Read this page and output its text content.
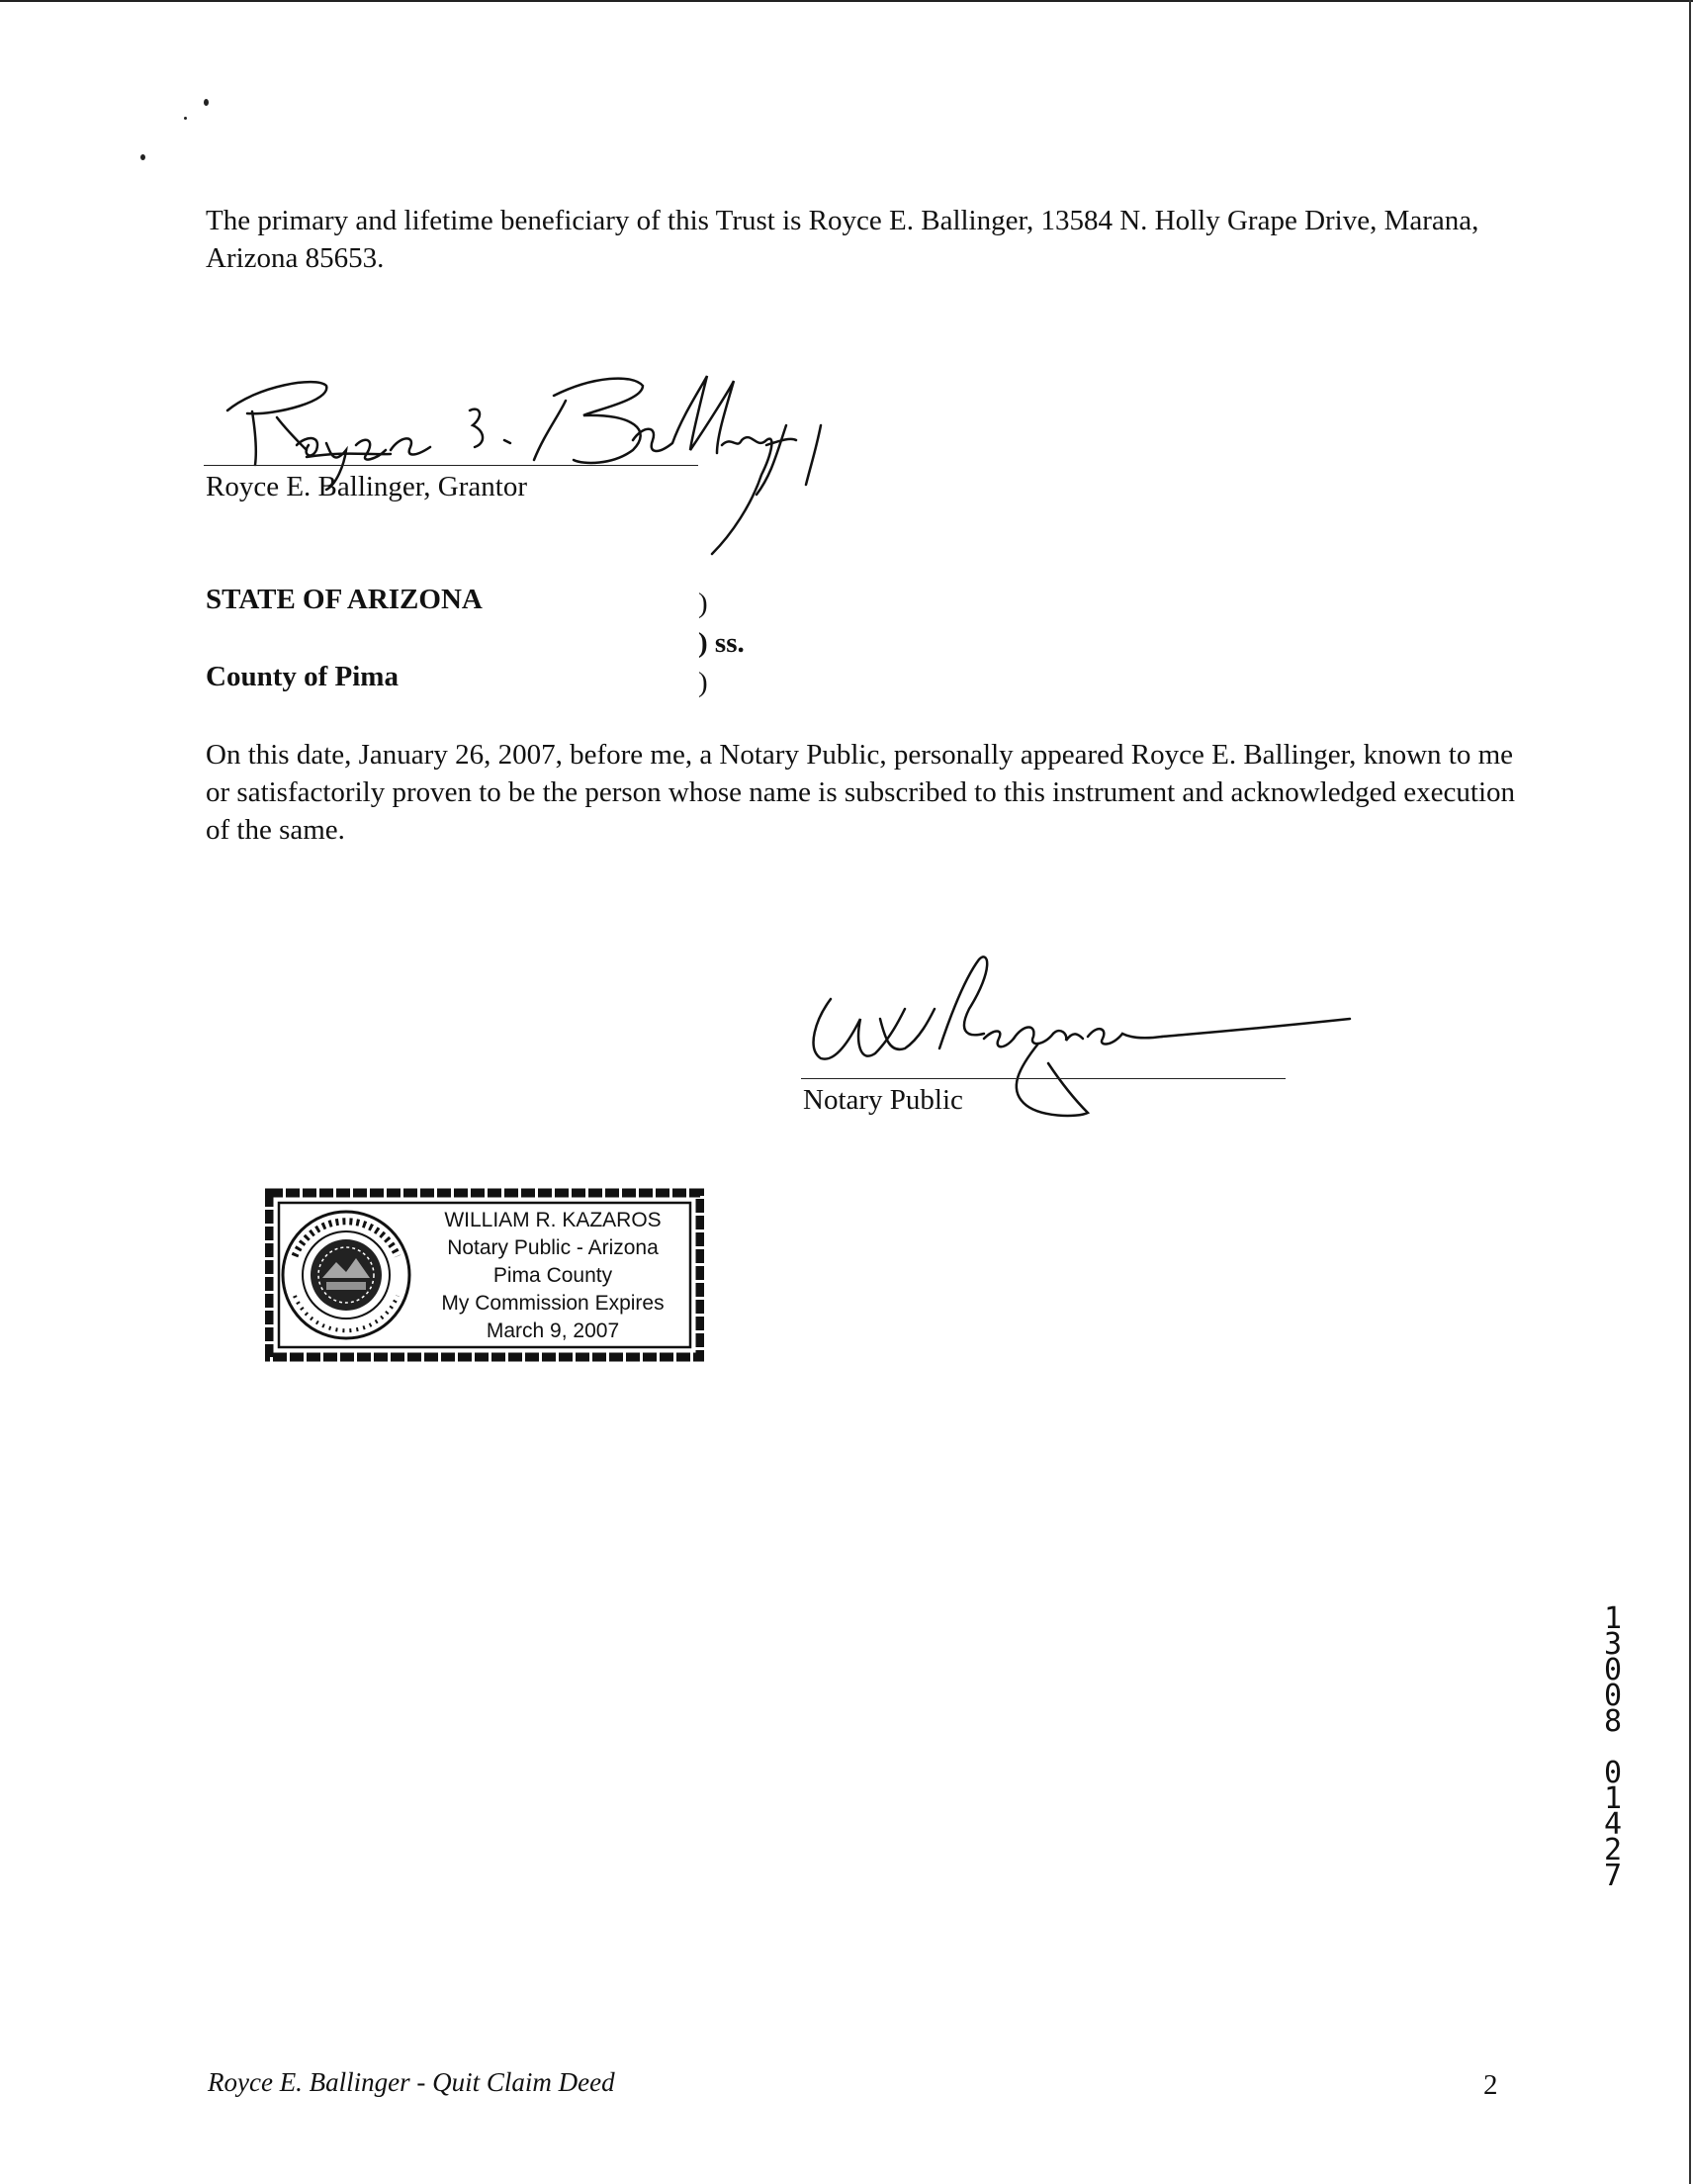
The primary and lifetime beneficiary of this Trust is Royce E. Ballinger, 13584 N. Holly Grape Drive, Marana, Arizona 85653.

Royce E. Ballinger, Grantor
STATE OF ARIZONA	)
) ss.
County of Pima	)

On this date, January 26, 2007, before me, a Notary Public, personally appeared Royce E. Ballinger, known to me or satisfactorily proven to be the person whose name is subscribed to this instrument and acknowledged execution of the same.

Notary Public
WILLIAM R. KAZAROS
Notary Public - Arizona
Pima County
My Commission Expires
March 9, 2007
1
3
0
0
8
0
1
4
2
7
Royce E. Ballinger - Quit Claim Deed	2
